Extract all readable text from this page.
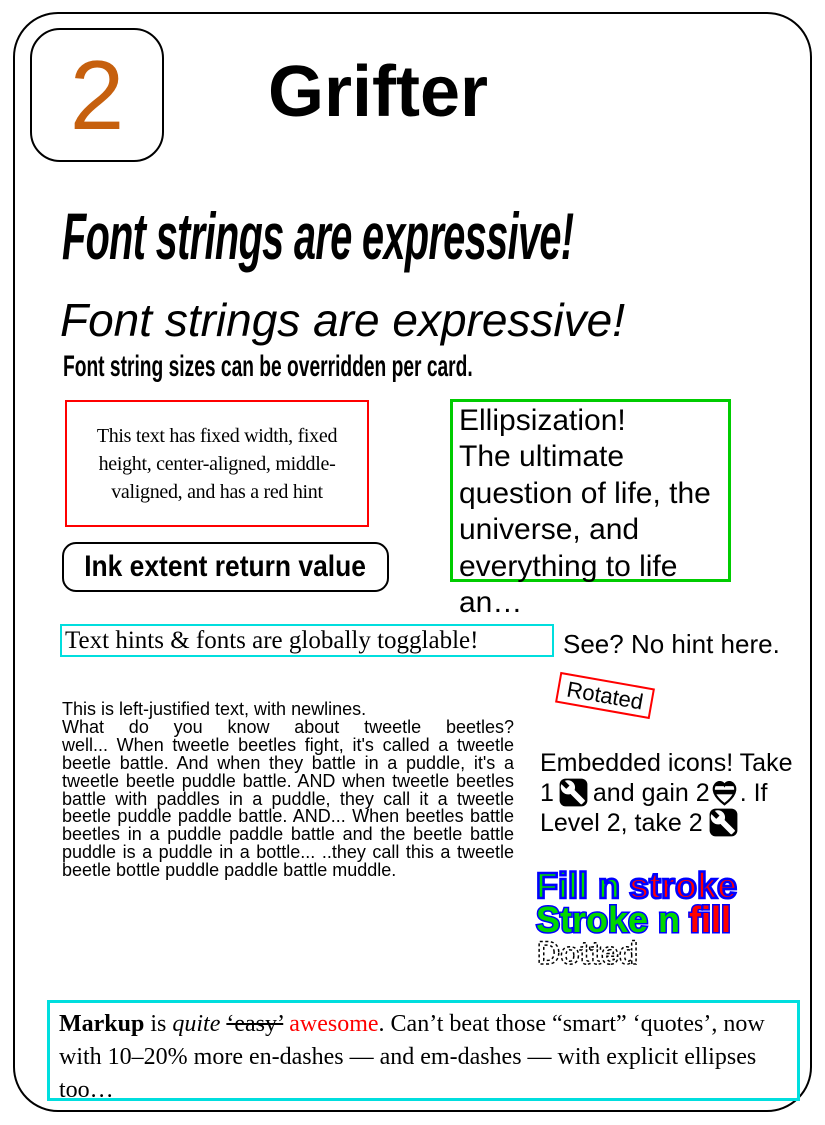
2 Grifter
Font strings are expressive!
Font strings are expressive!
Font string sizes can be overridden per card.
This text has fixed width, fixed
height, center-aligned, middle-
valigned, and has a red hint
Ellipsization!
The ultimate
question of life, the
universe, and
everything to life an…
Ink extent return value
Text hints & fonts are globally togglable!	See? No hint here.
Rotated
This is left-justified text, with newlines.
What do you know about tweetle beetles?
well... When tweetle beetles fight, it's called a tweetle beetle battle. And when they battle in a puddle, it's a tweetle beetle puddle battle. AND when tweetle beetles battle with paddles in a puddle, they call it a tweetle beetle puddle paddle battle. AND... When beetles battle beetles in a puddle paddle battle and the beetle battle puddle is a puddle in a bottle... ..they call this a tweetle beetle bottle puddle paddle battle muddle.
Embedded icons! Take
1 and gain 2 . If
Level 2, take 2
Fill n stroke
Stroke n fill
Dotted
Markup is quite ‘easy’ awesome. Can’t beat those “smart” ‘quotes’, now with 10–20% more en-dashes — and em-dashes — with explicit ellipses too…
